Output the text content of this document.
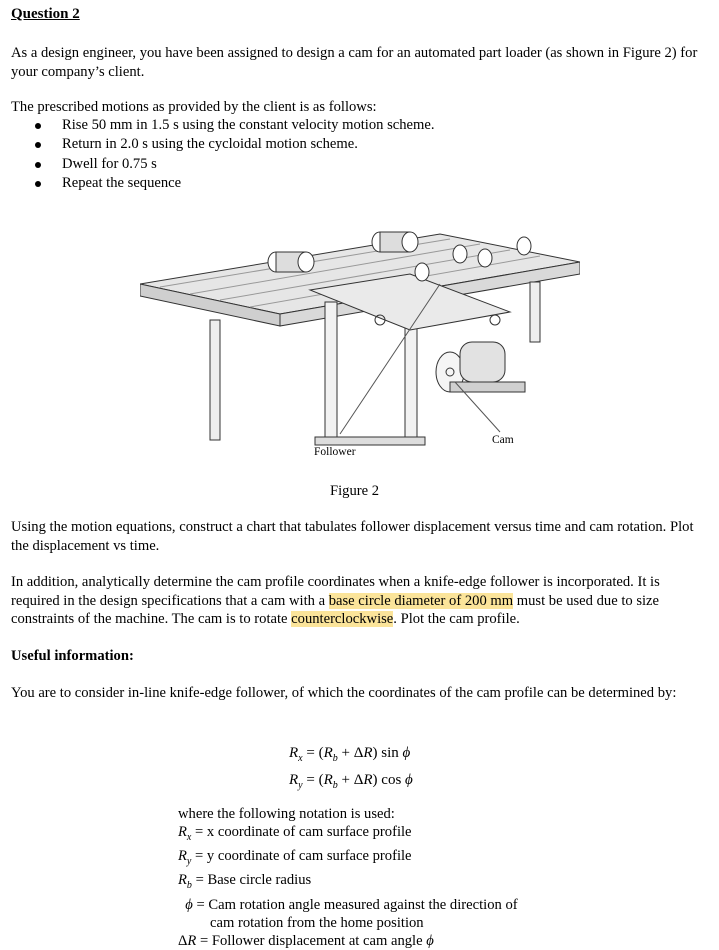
Question 2

As a design engineer, you have been assigned to design a cam for an automated part loader (as shown in Figure 2) for your company’s client.

The prescribed motions as provided by the client is as follows:

Rise 50 mm in 1.5 s using the constant velocity motion scheme.
Return in 2.0 s using the cycloidal motion scheme.
Dwell for 0.75 s
Repeat the sequence
Cam
Follower
Figure 2

Using the motion equations, construct a chart that tabulates follower displacement versus time and cam rotation. Plot the displacement vs time.

In addition, analytically determine the cam profile coordinates when a knife-edge follower is incorporated. It is required in the design specifications that a cam with a base circle diameter of 200 mm must be used due to size constraints of the machine. The cam is to rotate counterclockwise. Plot the cam profile.

Useful information:

You are to consider in-line knife-edge follower, of which the coordinates of the cam profile can be determined by:

$R_x = (R_b + \Delta R)$ sin ϕ
$R_y = (R_b + \Delta R)$ cos ϕ
where the following notation is used:
$R_x = x$ coordinate of cam surface profile
$R_y = y$ coordinate of cam surface profile
$R_b$ = Base circle radius
ϕ = Cam rotation angle measured against the direction of
cam rotation from the home position
ΔR = Follower displacement at cam angle ϕ
